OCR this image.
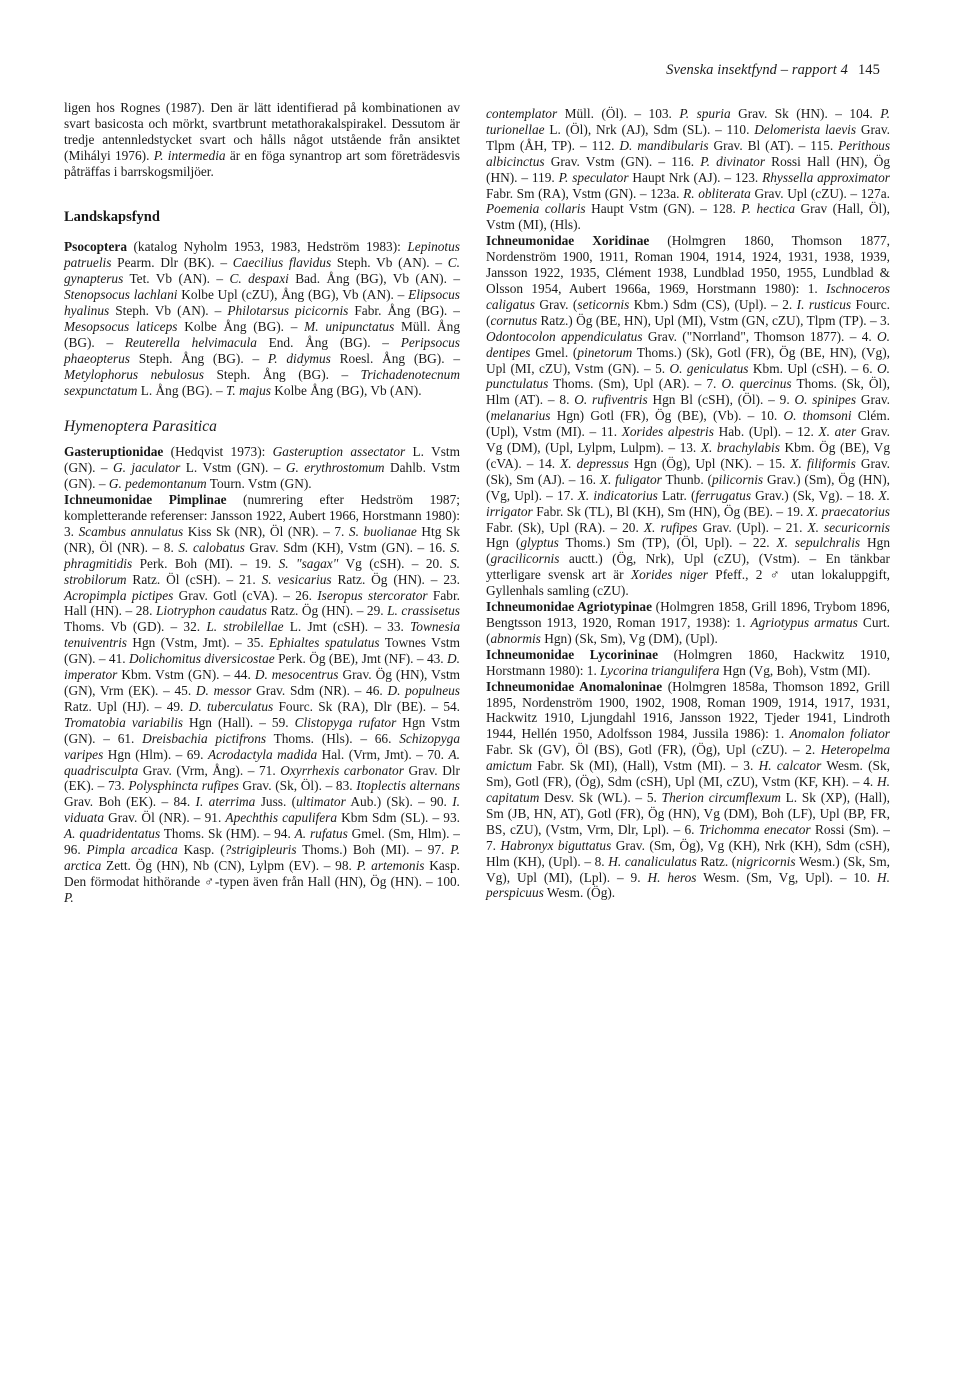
Svenska insektfynd – rapport 4 145

ligen hos Rognes (1987). Den är lätt identifierad på kombinationen av svart basicosta och mörkt, svartbrunt metathorakalspirakel. Dessutom är tredje antennledstycket svart och hålls något utstående från ansiktet (Mihályi 1976). P. intermedia är en föga synantrop art som företrädesvis påträffas i barrskogsmiljöer.

Landskapsfynd

Psocoptera (katalog Nyholm 1953, 1983, Hedström 1983): Lepinotus patruelis Pearm. Dlr (BK). – Caecilius flavidus Steph. Vb (AN). – C. gynapterus Tet. Vb (AN). – C. despaxi Bad. Ång (BG), Vb (AN). – Stenopsocus lachlani Kolbe Upl (cZU), Ång (BG), Vb (AN). – Elipsocus hyalinus Steph. Vb (AN). – Philotarsus picicornis Fabr. Ång (BG). – Mesopsocus laticeps Kolbe Ång (BG). – M. unipunctatus Müll. Ång (BG). – Reuterella helvimacula End. Ång (BG). – Peripsocus phaeopterus Steph. Ång (BG). – P. didymus Roesl. Ång (BG). – Metylophorus nebulosus Steph. Ång (BG). – Trichadenotecnum sexpunctatum L. Ång (BG). – T. majus Kolbe Ång (BG), Vb (AN).

Hymenoptera Parasitica

Gasteruptionidae (Hedqvist 1973): Gasteruption assectator L. Vstm (GN). – G. jaculator L. Vstm (GN). – G. erythrostomum Dahlb. Vstm (GN). – G. pedemontanum Tourn. Vstm (GN).

Ichneumonidae Pimplinae (numrering efter Hedström 1987; kompletterande referenser: Jansson 1922, Aubert 1966, Horstmann 1980): 3. Scambus annulatus Kiss Sk (NR), Öl (NR). – 7. S. buolianae Htg Sk (NR), Öl (NR). – 8. S. calobatus Grav. Sdm (KH), Vstm (GN). – 16. S. phragmitidis Perk. Boh (MI). – 19. S. "sagax" Vg (cSH). – 20. S. strobilorum Ratz. Öl (cSH). – 21. S. vesicarius Ratz. Ög (HN). – 23. Acropimpla pictipes Grav. Gotl (cVA). – 26. Iseropus stercorator Fabr. Hall (HN). – 28. Liotryphon caudatus Ratz. Ög (HN). – 29. L. crassisetus Thoms. Vb (GD). – 32. L. strobilellae L. Jmt (cSH). – 33. Townesia tenuiventris Hgn (Vstm, Jmt). – 35. Ephialtes spatulatus Townes Vstm (GN). – 41. Dolichomitus diversicostae Perk. Ög (BE), Jmt (NF). – 43. D. imperator Kbm. Vstm (GN). – 44. D. mesocentrus Grav. Ög (HN), Vstm (GN), Vrm (EK). – 45. D. messor Grav. Sdm (NR). – 46. D. populneus Ratz. Upl (HJ). – 49. D. tuberculatus Fourc. Sk (RA), Dlr (BE). – 54. Tromatobia variabilis Hgn (Hall). – 59. Clistopyga rufator Hgn Vstm (GN). – 61. Dreisbachia pictifrons Thoms. (Hls). – 66. Schizopyga varipes Hgn (Hlm). – 69. Acrodactyla madida Hal. (Vrm, Jmt). – 70. A. quadrisculpta Grav. (Vrm, Ång). – 71. Oxyrrhexis carbonator Grav. Dlr (EK). – 73. Polysphincta rufipes Grav. (Sk, Öl). – 83. Itoplectis alternans Grav. Boh (EK). – 84. I. aterrima Juss. (ultimator Aub.) (Sk). – 90. I. viduata Grav. Öl (NR). – 91. Apechthis capulifera Kbm Sdm (SL). – 93. A. quadridentatus Thoms. Sk (HM). – 94. A. rufatus Gmel. (Sm, Hlm). – 96. Pimpla arcadica Kasp. (?strigipleuris Thoms.) Boh (MI). – 97. P. arctica Zett. Ög (HN), Nb (CN), Lylpm (EV). – 98. P. artemonis Kasp. Den förmodat hithörande ♂-typen även från Hall (HN), Ög (HN). – 100. P.

contemplator Müll. (Öl). – 103. P. spuria Grav. Sk (HN). – 104. P. turionellae L. (Öl), Nrk (AJ), Sdm (SL). – 110. Delomerista laevis Grav. Tlpm (ÅH, TP). – 112. D. mandibularis Grav. Bl (AT). – 115. Perithous albicinctus Grav. Vstm (GN). – 116. P. divinator Rossi Hall (HN), Ög (HN). – 119. P. speculator Haupt Nrk (AJ). – 123. Rhyssella approximator Fabr. Sm (RA), Vstm (GN). – 123a. R. obliterata Grav. Upl (cZU). – 127a. Poemenia collaris Haupt Vstm (GN). – 128. P. hectica Grav (Hall, Öl), Vstm (MI), (Hls).

Ichneumonidae Xoridinae (Holmgren 1860, Thomson 1877, Nordenström 1900, 1911, Roman 1904, 1914, 1924, 1931, 1938, 1939, Jansson 1922, 1935, Clément 1938, Lundblad 1950, 1955, Lundblad & Olsson 1954, Aubert 1966a, 1969, Horstmann 1980): 1. Ischnoceros caligatus Grav. (seticornis Kbm.) Sdm (CS), (Upl). – 2. I. rusticus Fourc. (cornutus Ratz.) Ög (BE, HN), Upl (MI), Vstm (GN, cZU), Tlpm (TP). – 3. Odontocolon appendiculatus Grav. ("Norrland", Thomson 1877). – 4. O. dentipes Gmel. (pinetorum Thoms.) (Sk), Gotl (FR), Ög (BE, HN), (Vg), Upl (MI, cZU), Vstm (GN). – 5. O. geniculatus Kbm. Upl (cSH). – 6. O. punctulatus Thoms. (Sm), Upl (AR). – 7. O. quercinus Thoms. (Sk, Öl), Hlm (AT). – 8. O. rufiventris Hgn Bl (cSH), (Öl). – 9. O. spinipes Grav. (melanarius Hgn) Gotl (FR), Ög (BE), (Vb). – 10. O. thomsoni Clém. (Upl), Vstm (MI). – 11. Xorides alpestris Hab. (Upl). – 12. X. ater Grav. Vg (DM), (Upl, Lylpm, Lulpm). – 13. X. brachylabis Kbm. Ög (BE), Vg (cVA). – 14. X. depressus Hgn (Ög), Upl (NK). – 15. X. filiformis Grav. (Sk), Sm (AJ). – 16. X. fuligator Thunb. (pilicornis Grav.) (Sm), Ög (HN), (Vg, Upl). – 17. X. indicatorius Latr. (ferrugatus Grav.) (Sk, Vg). – 18. X. irrigator Fabr. Sk (TL), Bl (KH), Sm (HN), Ög (BE). – 19. X. praecatorius Fabr. (Sk), Upl (RA). – 20. X. rufipes Grav. (Upl). – 21. X. securicornis Hgn (glyptus Thoms.) Sm (TP), (Öl, Upl). – 22. X. sepulchralis Hgn (gracilicornis auctt.) (Ög, Nrk), Upl (cZU), (Vstm). – En tänkbar ytterligare svensk art är Xorides niger Pfeff., 2 ♂ utan lokaluppgift, Gyllenhals samling (cZU).

Ichneumonidae Agriotypinae (Holmgren 1858, Grill 1896, Trybom 1896, Bengtsson 1913, 1920, Roman 1917, 1938): 1. Agriotypus armatus Curt. (abnormis Hgn) (Sk, Sm), Vg (DM), (Upl).

Ichneumonidae Lycorininae (Holmgren 1860, Hackwitz 1910, Horstmann 1980): 1. Lycorina triangulifera Hgn (Vg, Boh), Vstm (MI).

Ichneumonidae Anomaloninae (Holmgren 1858a, Thomson 1892, Grill 1895, Nordenström 1900, 1902, 1908, Roman 1909, 1914, 1917, 1931, Hackwitz 1910, Ljungdahl 1916, Jansson 1922, Tjeder 1941, Lindroth 1944, Hellén 1950, Adolfsson 1984, Jussila 1986): 1. Anomalon foliator Fabr. Sk (GV), Öl (BS), Gotl (FR), (Ög), Upl (cZU). – 2. Heteropelma amictum Fabr. Sk (MI), (Hall), Vstm (MI). – 3. H. calcator Wesm. (Sk, Sm), Gotl (FR), (Ög), Sdm (cSH), Upl (MI, cZU), Vstm (KF, KH). – 4. H. capitatum Desv. Sk (WL). – 5. Therion circumflexum L. Sk (XP), (Hall), Sm (JB, HN, AT), Gotl (FR), Ög (HN), Vg (DM), Boh (LF), Upl (BP, FR, BS, cZU), (Vstm, Vrm, Dlr, Lpl). – 6. Trichomma enecator Rossi (Sm). – 7. Habronyx biguttatus Grav. (Sm, Ög), Vg (KH), Nrk (KH), Sdm (cSH), Hlm (KH), (Upl). – 8. H. canaliculatus Ratz. (nigricornis Wesm.) (Sk, Sm, Vg), Upl (MI), (Lpl). – 9. H. heros Wesm. (Sm, Vg, Upl). – 10. H. perspicuus Wesm. (Ög).
